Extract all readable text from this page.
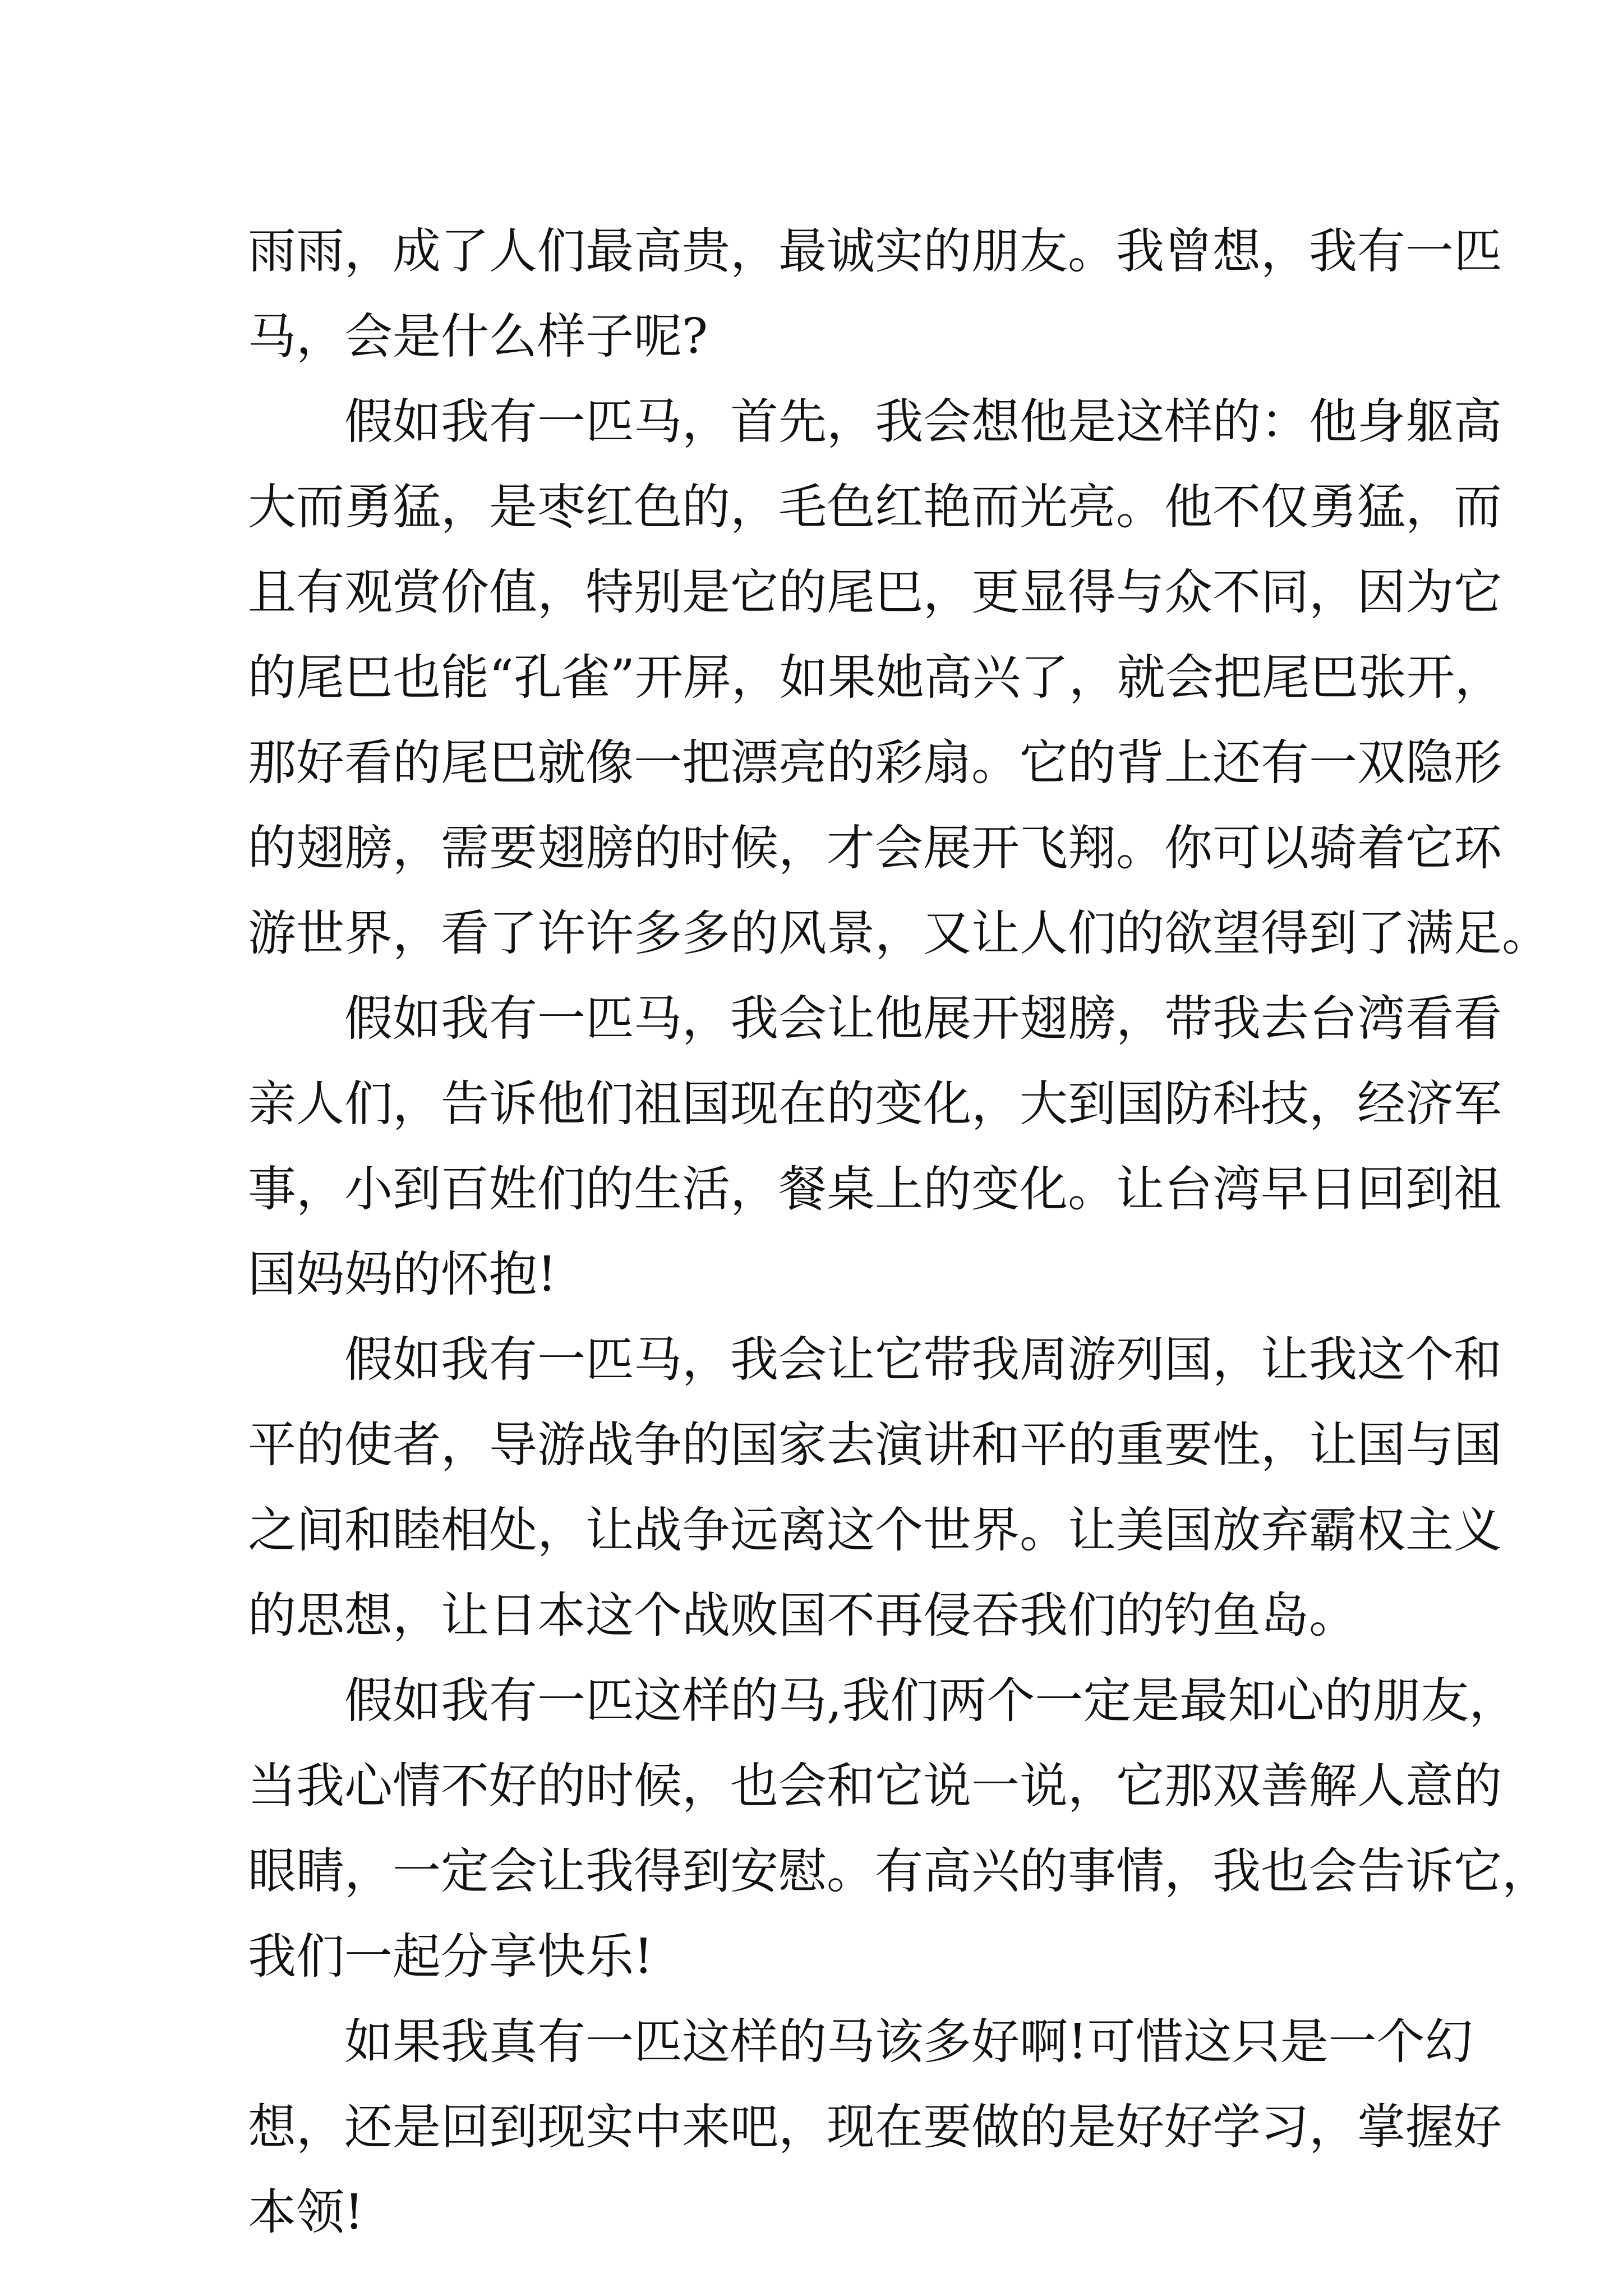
雨雨，成了人们最高贵，最诚实的朋友。我曾想，我有一匹
马，会是什么样子呢?
假如我有一匹马，首先，我会想他是这样的：他身躯高
大而勇猛，是枣红色的，毛色红艳而光亮。他不仅勇猛，而
且有观赏价值，特别是它的尾巴，更显得与众不同，因为它
的尾巴也能“孔雀”开屏，如果她高兴了，就会把尾巴张开，
那好看的尾巴就像一把漂亮的彩扇。它的背上还有一双隐形
的翅膀，需要翅膀的时候，才会展开飞翔。你可以骑着它环
游世界，看了许许多多的风景，又让人们的欲望得到了满足。
假如我有一匹马，我会让他展开翅膀，带我去台湾看看
亲人们，告诉他们祖国现在的变化，大到国防科技，经济军
事，小到百姓们的生活，餐桌上的变化。让台湾早日回到祖
国妈妈的怀抱!
假如我有一匹马，我会让它带我周游列国，让我这个和
平的使者，导游战争的国家去演讲和平的重要性，让国与国
之间和睦相处，让战争远离这个世界。让美国放弃霸权主义
的思想，让日本这个战败国不再侵吞我们的钓鱼岛。
假如我有一匹这样的马,我们两个一定是最知心的朋友，
当我心情不好的时候，也会和它说一说，它那双善解人意的
眼睛，一定会让我得到安慰。有高兴的事情，我也会告诉它，
我们一起分享快乐!
如果我真有一匹这样的马该多好啊!可惜这只是一个幻
想，还是回到现实中来吧，现在要做的是好好学习，掌握好
本领!
